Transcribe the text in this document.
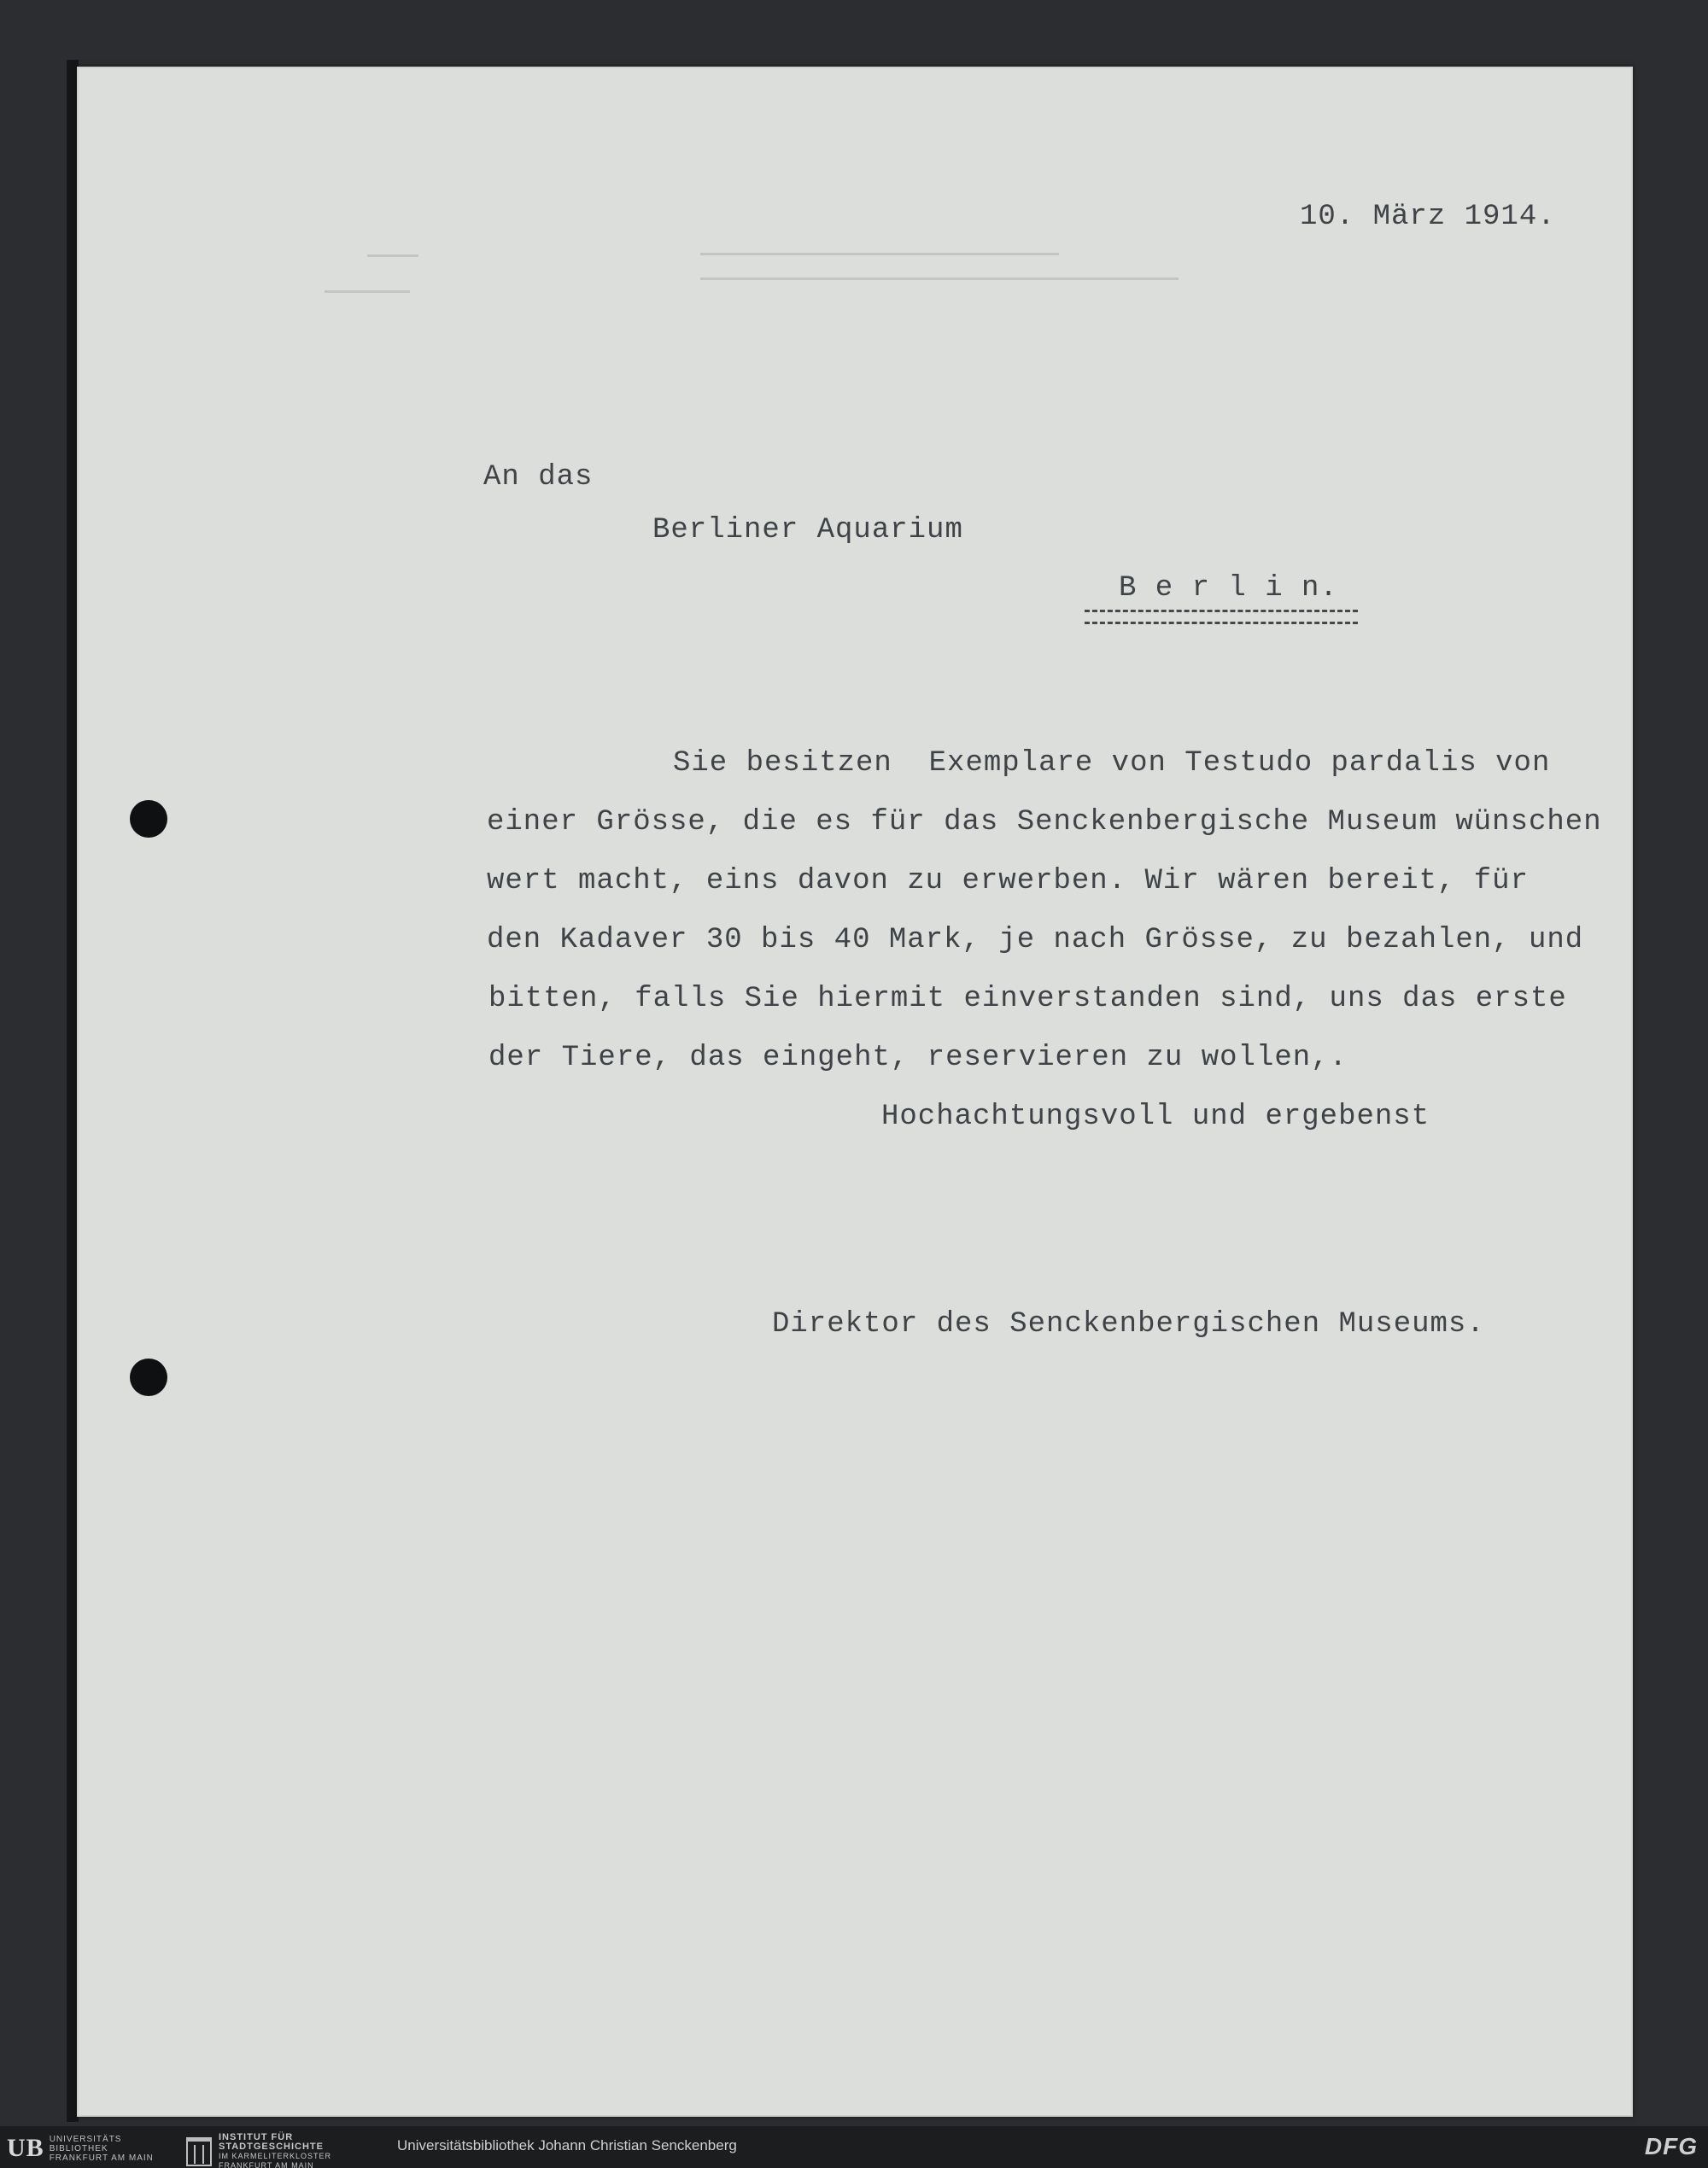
10. März 1914.
An das
Berliner Aquarium
B e r l i n.
Sie besitzen  Exemplare von Testudo pardalis von
einer Grösse, die es für das Senckenbergische Museum wünschen
wert macht, eins davon zu erwerben. Wir wären bereit, für
den Kadaver 30 bis 40 Mark, je nach Grösse, zu bezahlen, und
bitten, falls Sie hiermit einverstanden sind, uns das erste
der Tiere, das eingeht, reservieren zu wollen,.
Hochachtungsvoll und ergebenst
Direktor des Senckenbergischen Museums.
UB UNIVERSITÄTS
BIBLIOTHEK
FRANKFURT AM MAIN
INSTITUT FÜR
STADTGESCHICHTE
IM KARMELITERKLOSTER
FRANKFURT AM MAIN
Universitätsbibliothek Johann Christian Senckenberg	DFG
